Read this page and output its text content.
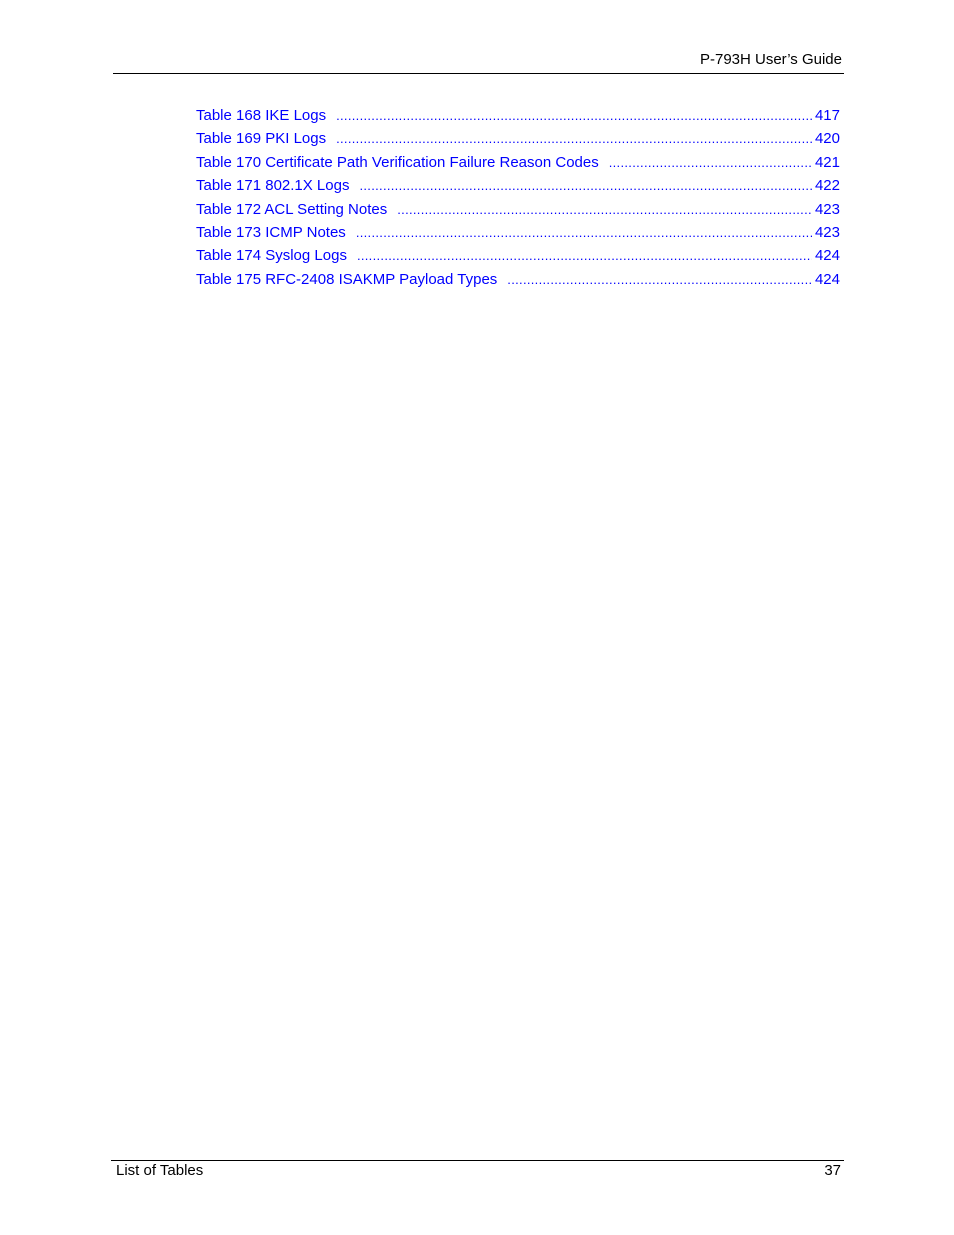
P-793H User’s Guide
Table 168 IKE Logs .....	417
Table 169 PKI Logs .....	420
Table 170 Certificate Path Verification Failure Reason Codes .....	421
Table 171 802.1X Logs .....	422
Table 172 ACL Setting Notes .....	423
Table 173 ICMP Notes .....	423
Table 174 Syslog Logs .....	424
Table 175 RFC-2408 ISAKMP Payload Types .....	424
List of Tables	37
